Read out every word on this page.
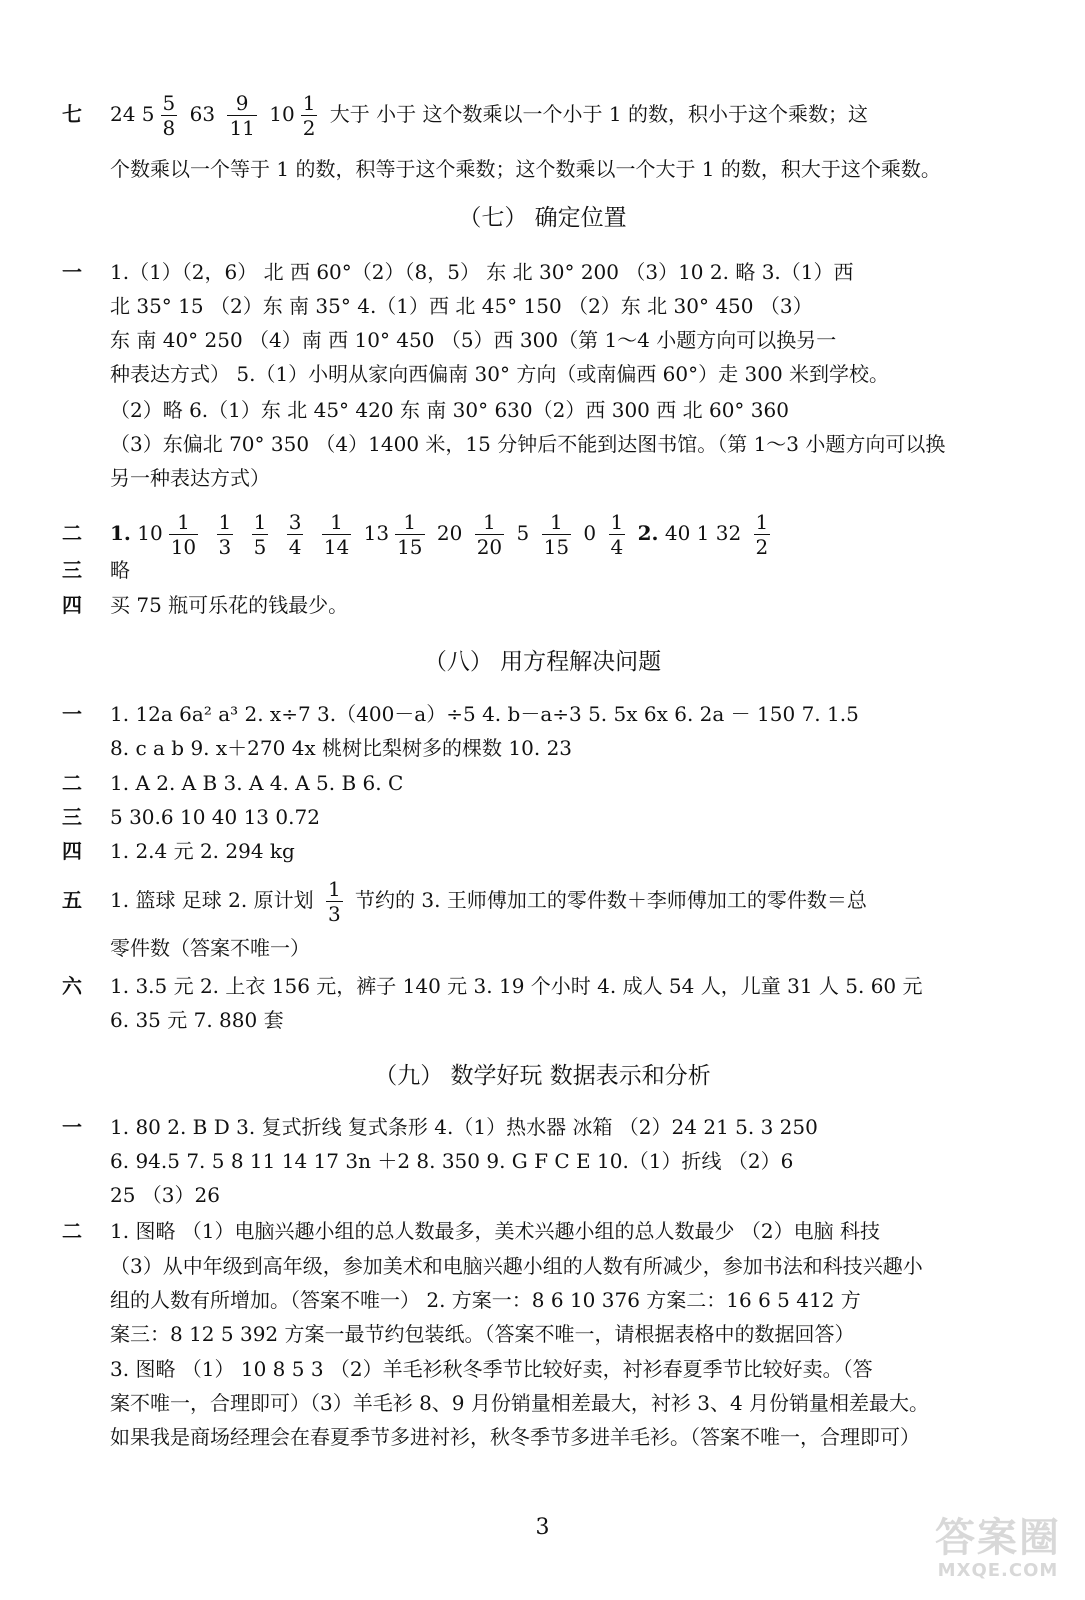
七 24 $5 \frac{5}{8} 63 \frac{9}{11} 10 \frac{1}{2}$ 大于 小于 这个数乘以一个小于 1 的数，积小于这个乘数；这
个数乘以一个等于 1 的数，积等于这个乘数；这个数乘以一个大于 1 的数，积大于这个乘数。
（七） 确定位置
一 1.（1）（2，6） 北 西 60°（2）（8，5） 东 北 30° 200 （3）10 2. 略 3.（1）西
北 35° 15 （2）东 南 35° 4.（1）西 北 45° 150 （2）东 北 30° 450 （3）
东 南 40° 250 （4）南 西 10° 450 （5）西 300（第 1～4 小题方向可以换另一
种表达方式） 5.（1）小明从家向西偏南 30° 方向（或南偏西 60°）走 300 米到学校。
（2）略 6.（1）东 北 45° 420 东 南 30° 630（2）西 300 西 北 60° 360
（3）东偏北 70° 350 （4）1400 米，15 分钟后不能到达图书馆。（第 1～3 小题方向可以换
另一种表达方式）
二 1. $10 \frac{1}{10}$
$\frac{1}{3}$
$\frac{1}{5}$
$\frac{3}{4}$
$\frac{1}{14} 13 \frac{1}{15} 20 \frac{1}{20} 5 \frac{1}{15} 0 \frac{1}{4} 2$. 40 1 $32 \frac{1}{2}$
三 略
四 买 75 瓶可乐花的钱最少。
（八） 用方程解决问题
一 1. 12a 6a² a³ 2. x÷7 3.（400－a）÷5 4. b－a÷3 5. 5x 6x 6. 2a － 150 7. 1.5
8. c a b 9. x＋270 4x 桃树比梨树多的棵数 10. 23
二 1. A 2. A B 3. A 4. A 5. B 6. C
三 5 30.6 10 40 13 0.72
四 1. 2.4 元 2. 294 kg
五 1. 篮球 足球 2. 原计划 $\frac{1}{3}$ 节约的 3. 王师傅加工的零件数＋李师傅加工的零件数＝总
零件数（答案不唯一）
六 1. 3.5 元 2. 上衣 156 元，裤子 140 元 3. 19 个小时 4. 成人 54 人，儿童 31 人 5. 60 元
6. 35 元 7. 880 套
（九） 数学好玩 数据表示和分析
一 1. 80 2. B D 3. 复式折线 复式条形 4.（1）热水器 冰箱 （2）24 21 5. 3 250
6. 94.5 7. 5 8 11 14 17 3n ＋2 8. 350 9. G F C E 10.（1）折线 （2）6
25 （3）26
二 1. 图略 （1）电脑兴趣小组的总人数最多，美术兴趣小组的总人数最少 （2）电脑 科技
（3）从中年级到高年级，参加美术和电脑兴趣小组的人数有所减少，参加书法和科技兴趣小
组的人数有所增加。（答案不唯一） 2. 方案一：8 6 10 376 方案二：16 6 5 412 方
案三：8 12 5 392 方案一最节约包装纸。（答案不唯一，请根据表格中的数据回答）
3. 图略 （1） 10 8 5 3 （2）羊毛衫秋冬季节比较好卖，衬衫春夏季节比较好卖。（答
案不唯一，合理即可）（3）羊毛衫 8、9 月份销量相差最大，衬衫 3、4 月份销量相差最大。
如果我是商场经理会在春夏季节多进衬衫，秋冬季节多进羊毛衫。（答案不唯一，合理即可）
3	答案圈
MXQE.COM
